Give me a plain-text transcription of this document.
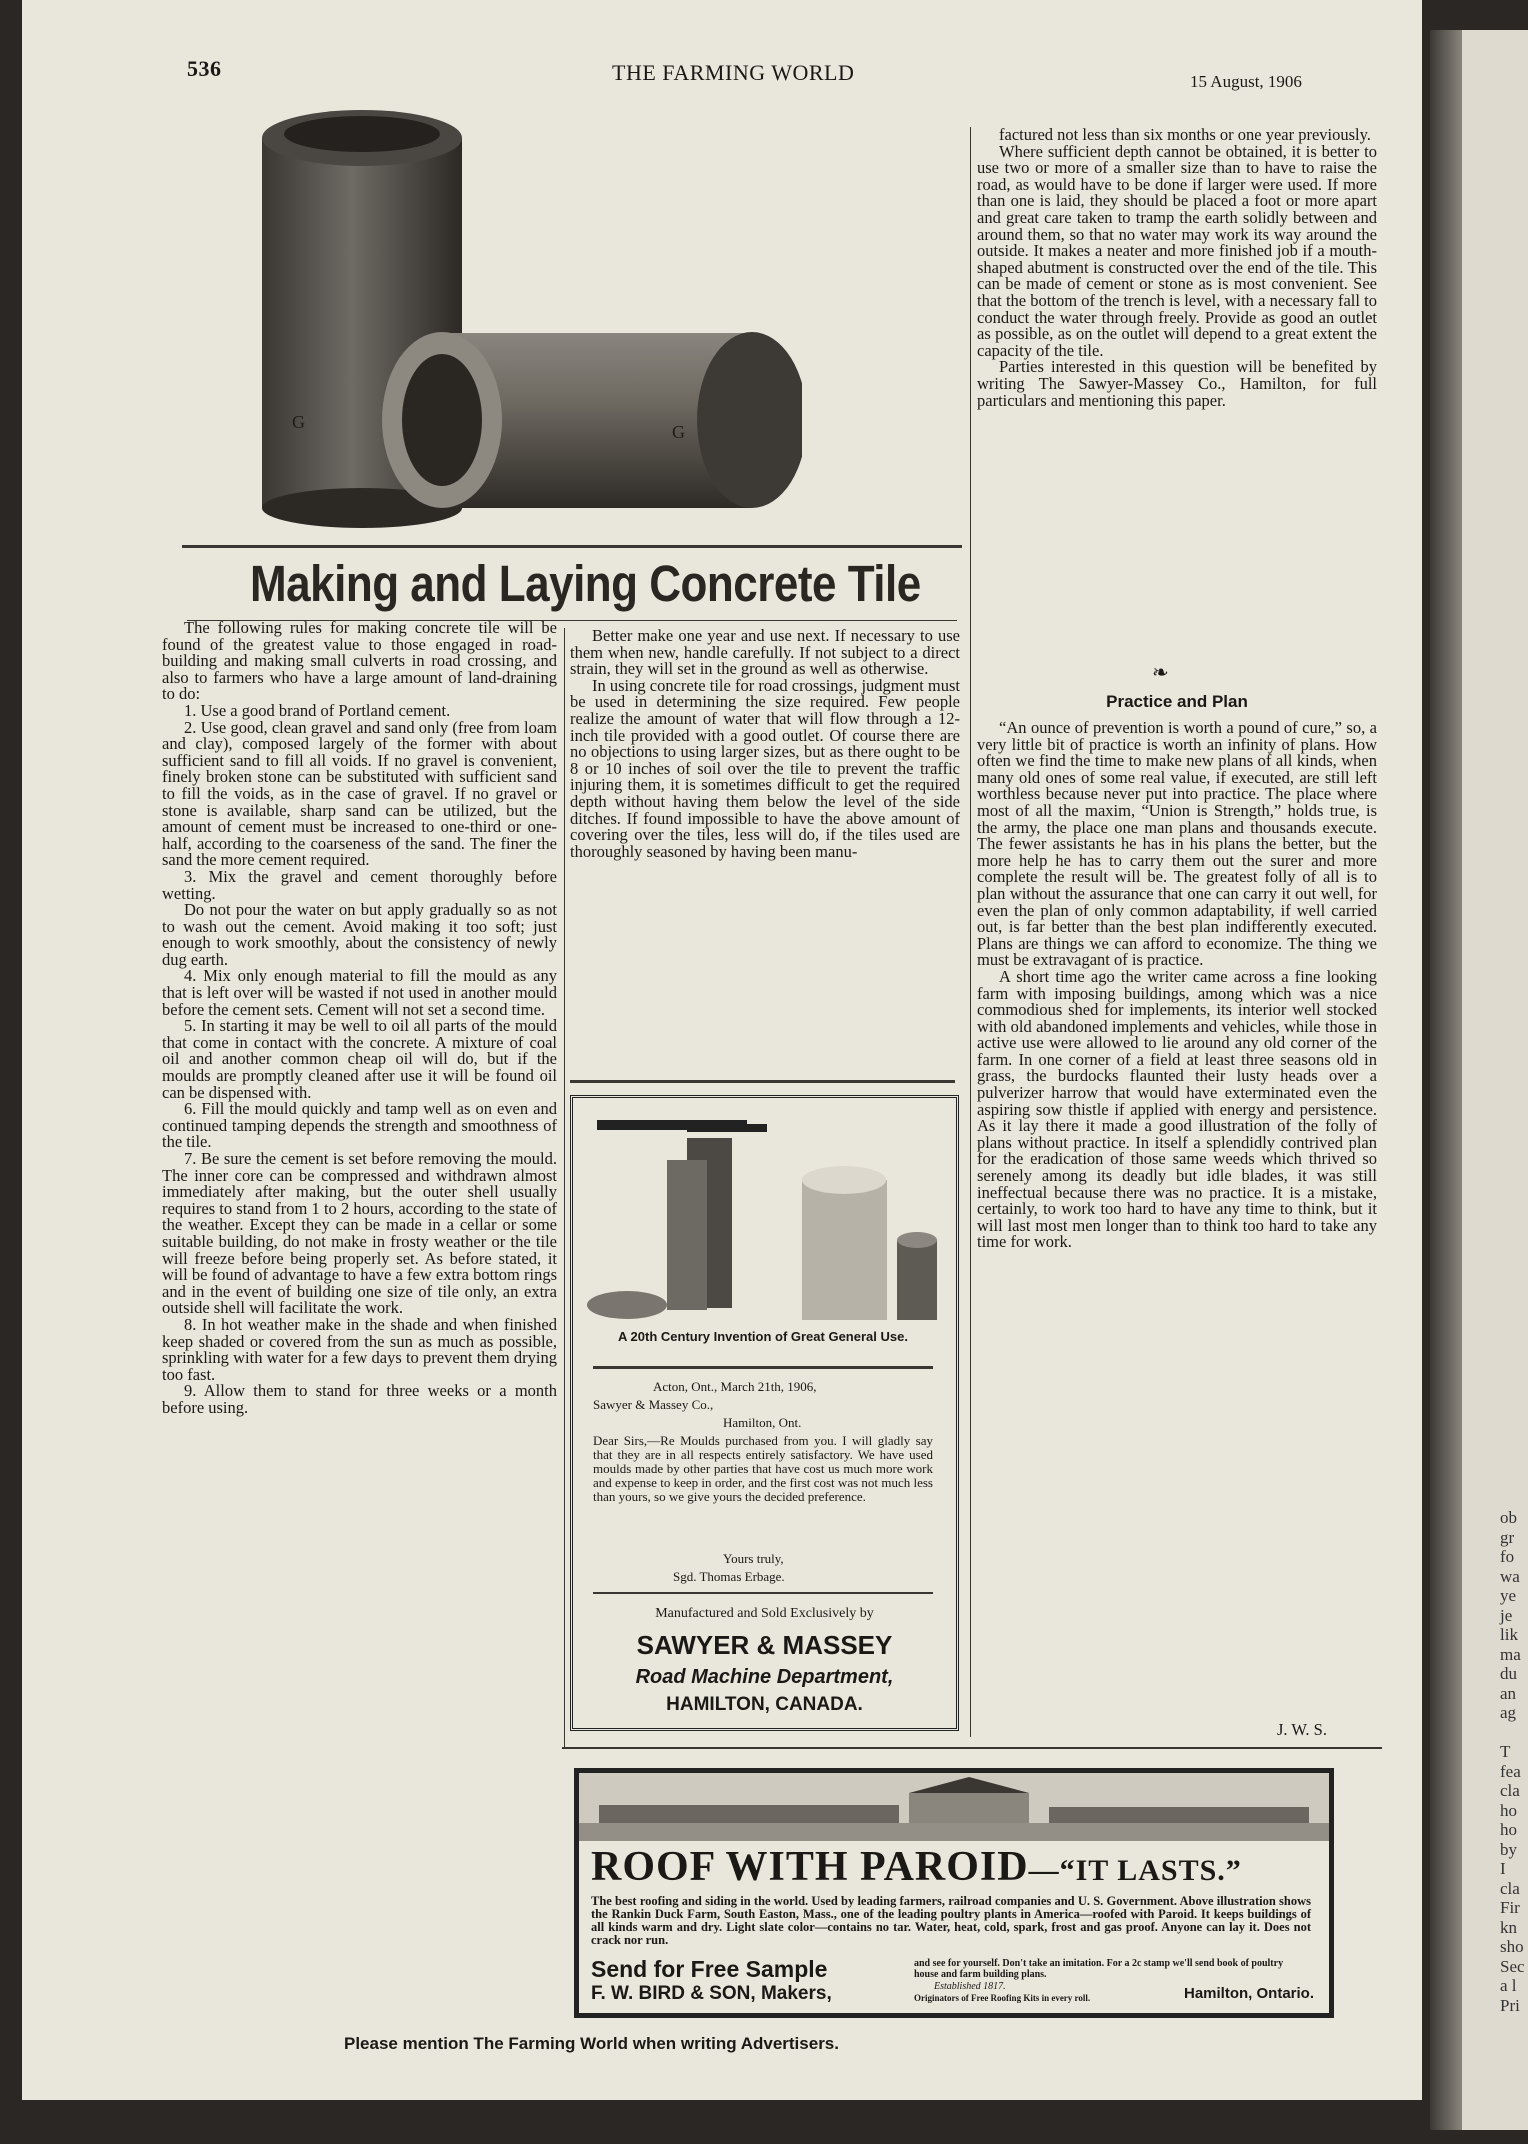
ob
gr
fo
wa
ye
je
lik
ma
du
an
ag
T
fea
cla
ho
ho
by
I
cla
Fir
kn
sho
Sec
a l
Pri
536	THE FARMING WORLD	15 August, 1906
G	G
Making and Laying Concrete Tile

The following rules for making concrete tile will be found of the greatest value to those engaged in road-building and making small culverts in road crossing, and also to farmers who have a large amount of land-draining to do:

1. Use a good brand of Portland cement.

2. Use good, clean gravel and sand only (free from loam and clay), composed largely of the former with about sufficient sand to fill all voids. If no gravel is convenient, finely broken stone can be substituted with sufficient sand to fill the voids, as in the case of gravel. If no gravel or stone is available, sharp sand can be utilized, but the amount of cement must be increased to one-third or one-half, according to the coarseness of the sand. The finer the sand the more cement required.

3. Mix the gravel and cement thoroughly before wetting.

Do not pour the water on but apply gradually so as not to wash out the cement. Avoid making it too soft; just enough to work smoothly, about the consistency of newly dug earth.

4. Mix only enough material to fill the mould as any that is left over will be wasted if not used in another mould before the cement sets. Cement will not set a second time.

5. In starting it may be well to oil all parts of the mould that come in contact with the concrete. A mixture of coal oil and another common cheap oil will do, but if the moulds are promptly cleaned after use it will be found oil can be dispensed with.

6. Fill the mould quickly and tamp well as on even and continued tamping depends the strength and smoothness of the tile.

7. Be sure the cement is set before removing the mould. The inner core can be compressed and withdrawn almost immediately after making, but the outer shell usually requires to stand from 1 to 2 hours, according to the state of the weather. Except they can be made in a cellar or some suitable building, do not make in frosty weather or the tile will freeze before being properly set. As before stated, it will be found of advantage to have a few extra bottom rings and in the event of building one size of tile only, an extra outside shell will facilitate the work.

8. In hot weather make in the shade and when finished keep shaded or covered from the sun as much as possible, sprinkling with water for a few days to prevent them drying too fast.

9. Allow them to stand for three weeks or a month before using.

Better make one year and use next. If necessary to use them when new, handle carefully. If not subject to a direct strain, they will set in the ground as well as otherwise.

In using concrete tile for road crossings, judgment must be used in determining the size required. Few people realize the amount of water that will flow through a 12-inch tile provided with a good outlet. Of course there are no objections to using larger sizes, but as there ought to be 8 or 10 inches of soil over the tile to prevent the traffic injuring them, it is sometimes difficult to get the required depth without having them below the level of the side ditches. If found impossible to have the above amount of covering over the tiles, less will do, if the tiles used are thoroughly seasoned by having been manu-

A 20th Century Invention of Great General Use.
Acton, Ont., March 21th, 1906,
Sawyer & Massey Co.,
Hamilton, Ont.
Dear Sirs,—Re Moulds purchased from you. I will gladly say that they are in all respects entirely satisfactory. We have used moulds made by other parties that have cost us much more work and expense to keep in order, and the first cost was not much less than yours, so we give yours the decided preference.
Yours truly,
Sgd. Thomas Erbage.
Manufactured and Sold Exclusively by
SAWYER & MASSEY
Road Machine Department,
HAMILTON, CANADA.

factured not less than six months or one year previously.

Where sufficient depth cannot be obtained, it is better to use two or more of a smaller size than to have to raise the road, as would have to be done if larger were used. If more than one is laid, they should be placed a foot or more apart and great care taken to tramp the earth solidly between and around them, so that no water may work its way around the outside. It makes a neater and more finished job if a mouth-shaped abutment is constructed over the end of the tile. This can be made of cement or stone as is most convenient. See that the bottom of the trench is level, with a necessary fall to conduct the water through freely. Provide as good an outlet as possible, as on the outlet will depend to a great extent the capacity of the tile.

Parties interested in this question will be benefited by writing The Sawyer-Massey Co., Hamilton, for full particulars and mentioning this paper.

❧
Practice and Plan

“An ounce of prevention is worth a pound of cure,” so, a very little bit of practice is worth an infinity of plans. How often we find the time to make new plans of all kinds, when many old ones of some real value, if executed, are still left worthless because never put into practice. The place where most of all the maxim, “Union is Strength,” holds true, is the army, the place one man plans and thousands execute. The fewer assistants he has in his plans the better, but the more help he has to carry them out the surer and more complete the result will be. The greatest folly of all is to plan without the assurance that one can carry it out well, for even the plan of only common adaptability, if well carried out, is far better than the best plan indifferently executed. Plans are things we can afford to economize. The thing we must be extravagant of is practice.

A short time ago the writer came across a fine looking farm with imposing buildings, among which was a nice commodious shed for implements, its interior well stocked with old abandoned implements and vehicles, while those in active use were allowed to lie around any old corner of the farm. In one corner of a field at least three seasons old in grass, the burdocks flaunted their lusty heads over a pulverizer harrow that would have exterminated even the aspiring sow thistle if applied with energy and persistence. As it lay there it made a good illustration of the folly of plans without practice. In itself a splendidly contrived plan for the eradication of those same weeds which thrived so serenely among its deadly but idle blades, it was still ineffectual because there was no practice. It is a mistake, certainly, to work too hard to have any time to think, but it will last most men longer than to think too hard to take any time for work.

J. W. S.
ROOF WITH PAROID—“IT LASTS.”
The best roofing and siding in the world. Used by leading farmers, railroad companies and U. S. Government. Above illustration shows the Rankin Duck Farm, South Easton, Mass., one of the leading poultry plants in America—roofed with Paroid. It keeps buildings of all kinds warm and dry. Light slate color—contains no tar. Water, heat, cold, spark, frost and gas proof. Anyone can lay it. Does not crack nor run.
Send for Free Sample	and see for yourself. Don't take an imitation. For a 2c stamp we'll send book of poultry house and farm building plans.
F. W. BIRD & SON, Makers,	Established 1817.
Originators of Free Roofing Kits in every roll.	Hamilton, Ontario.
Please mention The Farming World when writing Advertisers.
